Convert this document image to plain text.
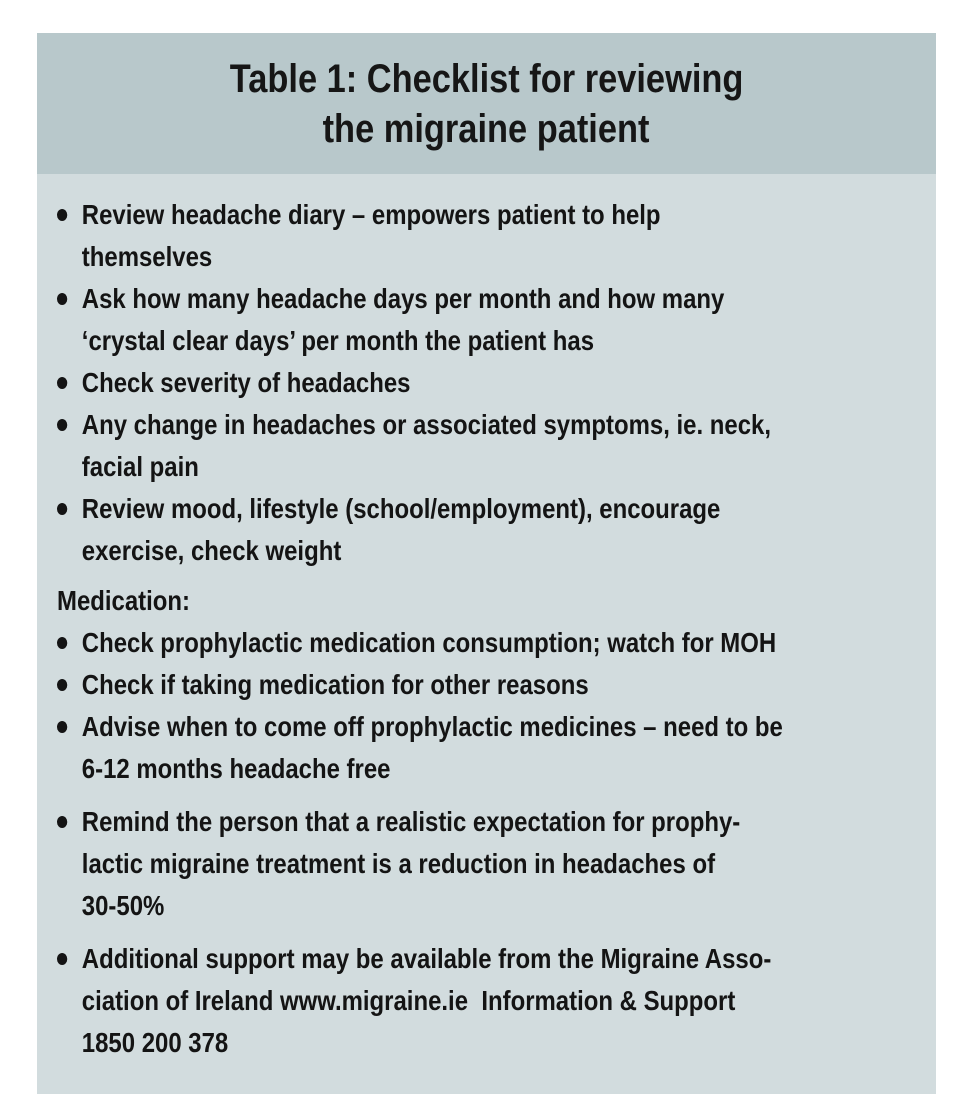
Table 1: Checklist for reviewing
the migraine patient
Review headache diary – empowers patient to help
themselves
Ask how many headache days per month and how many
‘crystal clear days’ per month the patient has
Check severity of headaches
Any change in headaches or associated symptoms, ie. neck,
facial pain
Review mood, lifestyle (school/employment), encourage
exercise, check weight
Medication:
Check prophylactic medication consumption; watch for MOH
Check if taking medication for other reasons
Advise when to come off prophylactic medicines – need to be
6-12 months headache free
Remind the person that a realistic expectation for prophy-
lactic migraine treatment is a reduction in headaches of
30-50%
Additional support may be available from the Migraine Asso-
ciation of Ireland www.migraine.ie  Information & Support
1850 200 378
